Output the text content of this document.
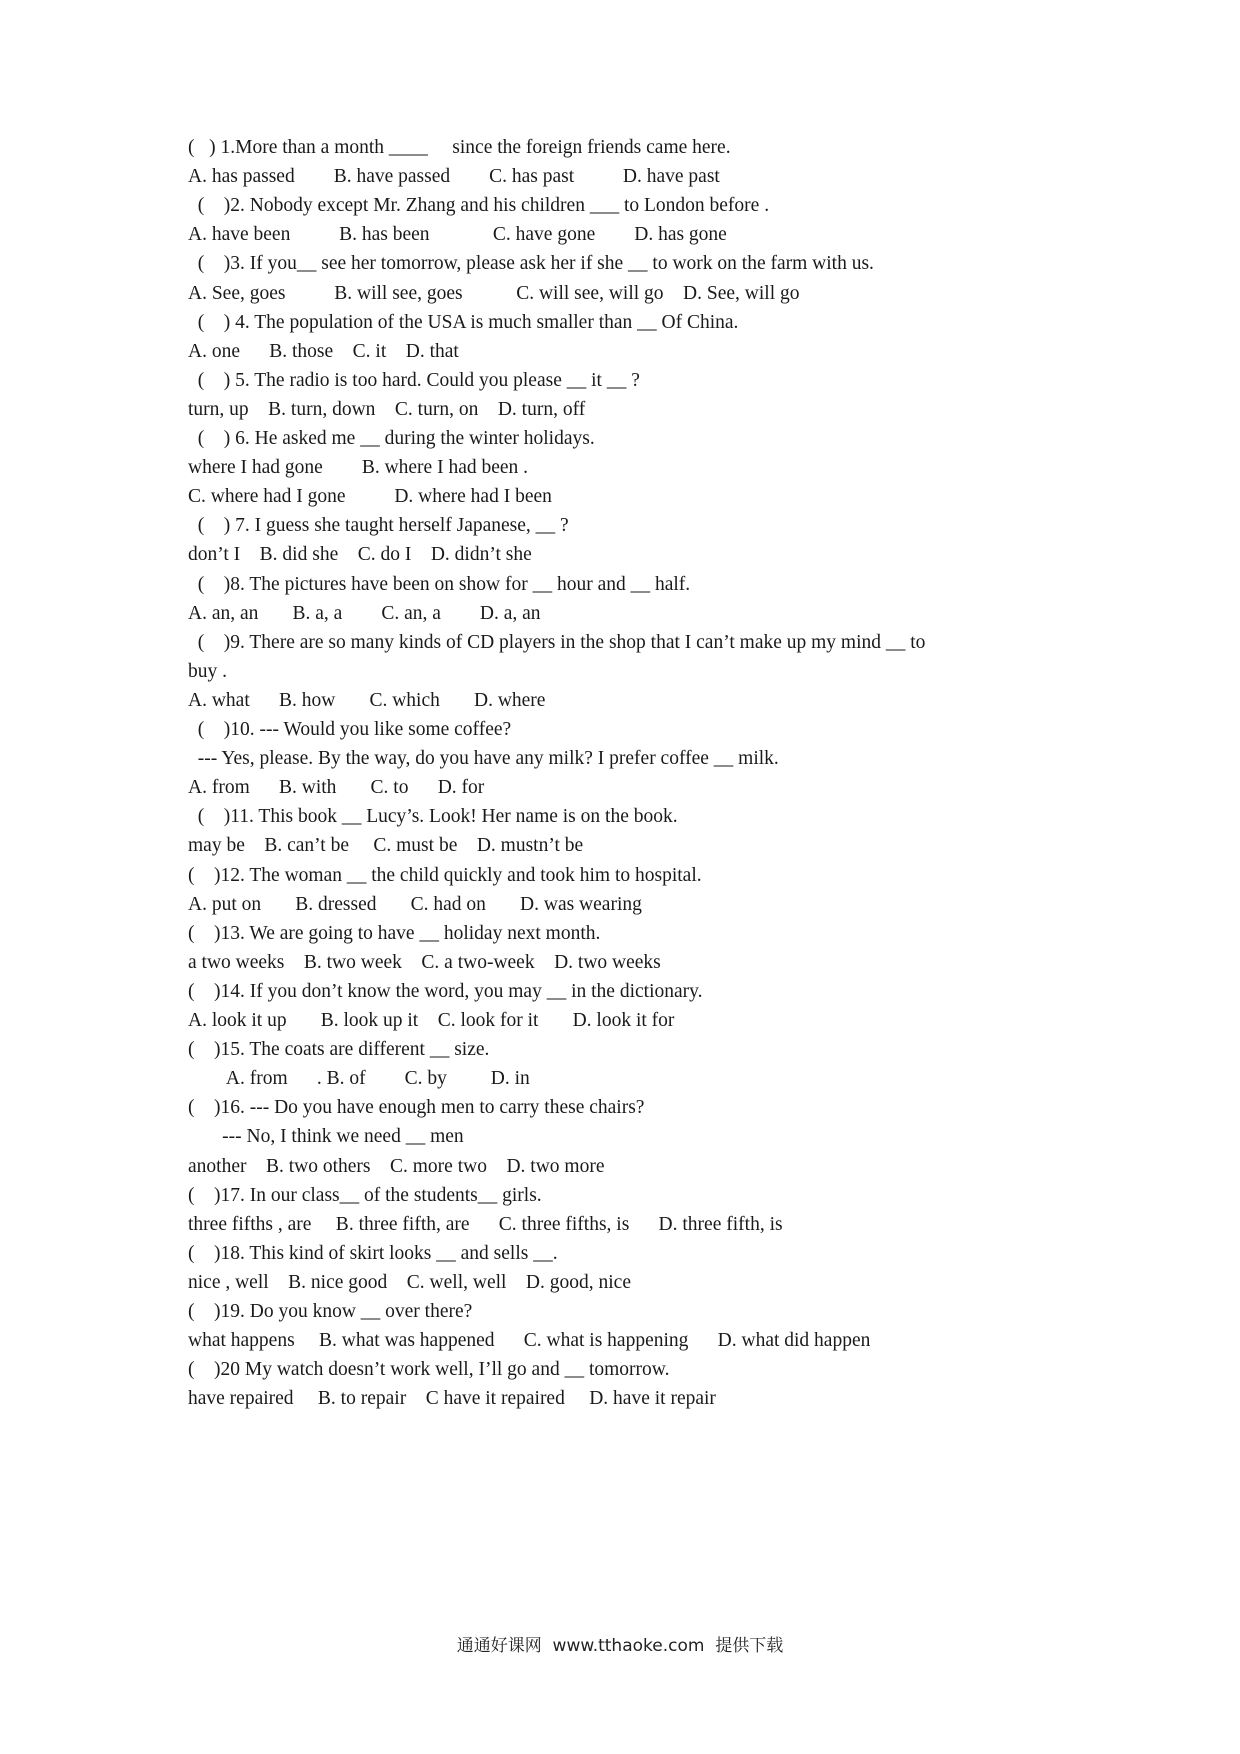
(   ) 1.More than a month ____     since the foreign friends came here.
A. has passed        B. have passed        C. has past          D. have past
(    )2. Nobody except Mr. Zhang and his children ___ to London before .
A. have been          B. has been             C. have gone        D. has gone
(    )3. If you__ see her tomorrow, please ask her if she __ to work on the farm with us.
A. See, goes          B. will see, goes           C. will see, will go    D. See, will go
(    ) 4. The population of the USA is much smaller than __ Of China.
A. one      B. those    C. it    D. that
(    ) 5. The radio is too hard. Could you please __ it __ ?
turn, up    B. turn, down    C. turn, on    D. turn, off
(    ) 6. He asked me __ during the winter holidays.
where I had gone        B. where I had been .
C. where had I gone          D. where had I been
(    ) 7. I guess she taught herself Japanese, __ ?
don’t I    B. did she    C. do I    D. didn’t she
(    )8. The pictures have been on show for __ hour and __ half.
A. an, an       B. a, a        C. an, a        D. a, an
(    )9. There are so many kinds of CD players in the shop that I can’t make up my mind __ to
buy .
A. what      B. how       C. which       D. where
(    )10. --- Would you like some coffee?
--- Yes, please. By the way, do you have any milk? I prefer coffee __ milk.
A. from      B. with       C. to      D. for
(    )11. This book __ Lucy’s. Look! Her name is on the book.
may be    B. can’t be     C. must be    D. mustn’t be
(    )12. The woman __ the child quickly and took him to hospital.
A. put on       B. dressed       C. had on       D. was wearing
(    )13. We are going to have __ holiday next month.
a two weeks    B. two week    C. a two-week    D. two weeks
(    )14. If you don’t know the word, you may __ in the dictionary.
A. look it up       B. look up it    C. look for it       D. look it for
(    )15. The coats are different __ size.
A. from      . B. of        C. by         D. in
(    )16. --- Do you have enough men to carry these chairs?
--- No, I think we need __ men
another    B. two others    C. more two    D. two more
(    )17. In our class__ of the students__ girls.
three fifths , are     B. three fifth, are      C. three fifths, is      D. three fifth, is
(    )18. This kind of skirt looks __ and sells __.
nice , well    B. nice good    C. well, well    D. good, nice
(    )19. Do you know __ over there?
what happens     B. what was happened      C. what is happening      D. what did happen
(    )20 My watch doesn’t work well, I’ll go and __ tomorrow.
have repaired     B. to repair    C have it repaired     D. have it repair
通通好课网  www.tthaoke.com  提供下载
